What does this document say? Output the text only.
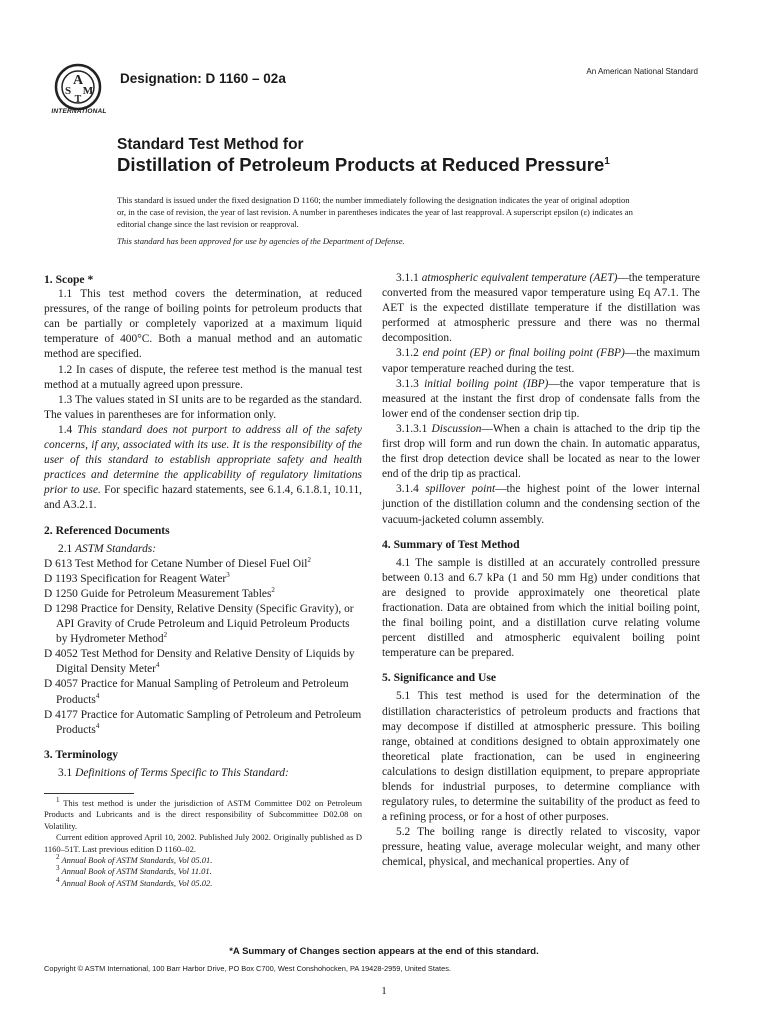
A
S M
T
INTERNATIONAL
Designation: D 1160 – 02a	An American National Standard
Standard Test Method for
Distillation of Petroleum Products at Reduced Pressure$^1$
This standard is issued under the fixed designation D 1160; the number immediately following the designation indicates the year of original adoption or, in the case of revision, the year of last revision. A number in parentheses indicates the year of last reapproval. A superscript epsilon (ε) indicates an editorial change since the last revision or reapproval.
This standard has been approved for use by agencies of the Department of Defense.
1. Scope *

1.1 This test method covers the determination, at reduced pressures, of the range of boiling points for petroleum products that can be partially or completely vaporized at a maximum liquid temperature of 400°C. Both a manual method and an automatic method are specified.

1.2 In cases of dispute, the referee test method is the manual test method at a mutually agreed upon pressure.

1.3 The values stated in SI units are to be regarded as the standard. The values in parentheses are for information only.

1.4 This standard does not purport to address all of the safety concerns, if any, associated with its use. It is the responsibility of the user of this standard to establish appropriate safety and health practices and determine the applicability of regulatory limitations prior to use. For specific hazard statements, see 6.1.4, 6.1.8.1, 10.11, and A3.2.1.

2. Referenced Documents

2.1 ASTM Standards:

D 613 Test Method for Cetane Number of Diesel Fuel Oil$^2$

D 1193 Specification for Reagent Water$^3$

D 1250 Guide for Petroleum Measurement Tables$^2$

D 1298 Practice for Density, Relative Density (Specific Gravity), or API Gravity of Crude Petroleum and Liquid Petroleum Products by Hydrometer Method$^2$

D 4052 Test Method for Density and Relative Density of Liquids by Digital Density Meter$^4$

D 4057 Practice for Manual Sampling of Petroleum and Petroleum Products$^4$

D 4177 Practice for Automatic Sampling of Petroleum and Petroleum Products$^4$

3. Terminology

3.1 Definitions of Terms Specific to This Standard:

$^1$ This test method is under the jurisdiction of ASTM Committee D02 on Petroleum Products and Lubricants and is the direct responsibility of Subcommittee D02.08 on Volatility.

Current edition approved April 10, 2002. Published July 2002. Originally published as D 1160–51T. Last previous edition D 1160–02.

$^2$ Annual Book of ASTM Standards, Vol 05.01.

$^3$ Annual Book of ASTM Standards, Vol 11.01.

$^4$ Annual Book of ASTM Standards, Vol 05.02.

3.1.1 atmospheric equivalent temperature (AET)—the temperature converted from the measured vapor temperature using Eq A7.1. The AET is the expected distillate temperature if the distillation was performed at atmospheric pressure and there was no thermal decomposition.

3.1.2 end point (EP) or final boiling point (FBP)—the maximum vapor temperature reached during the test.

3.1.3 initial boiling point (IBP)—the vapor temperature that is measured at the instant the first drop of condensate falls from the lower end of the condenser section drip tip.

3.1.3.1 Discussion—When a chain is attached to the drip tip the first drop will form and run down the chain. In automatic apparatus, the first drop detection device shall be located as near to the lower end of the drip tip as practical.

3.1.4 spillover point—the highest point of the lower internal junction of the distillation column and the condensing section of the vacuum-jacketed column assembly.

4. Summary of Test Method

4.1 The sample is distilled at an accurately controlled pressure between 0.13 and 6.7 kPa (1 and 50 mm Hg) under conditions that are designed to provide approximately one theoretical plate fractionation. Data are obtained from which the initial boiling point, the final boiling point, and a distillation curve relating volume percent distilled and atmospheric equivalent boiling point temperature can be prepared.

5. Significance and Use

5.1 This test method is used for the determination of the distillation characteristics of petroleum products and fractions that may decompose if distilled at atmospheric pressure. This boiling range, obtained at conditions designed to obtain approximately one theoretical plate fractionation, can be used in engineering calculations to design distillation equipment, to prepare appropriate blends for industrial purposes, to determine compliance with regulatory rules, to determine the suitability of the product as feed to a refining process, or for a host of other purposes.

5.2 The boiling range is directly related to viscosity, vapor pressure, heating value, average molecular weight, and many other chemical, physical, and mechanical properties. Any of

*A Summary of Changes section appears at the end of this standard.
Copyright © ASTM International, 100 Barr Harbor Drive, PO Box C700, West Conshohocken, PA 19428-2959, United States.
1
